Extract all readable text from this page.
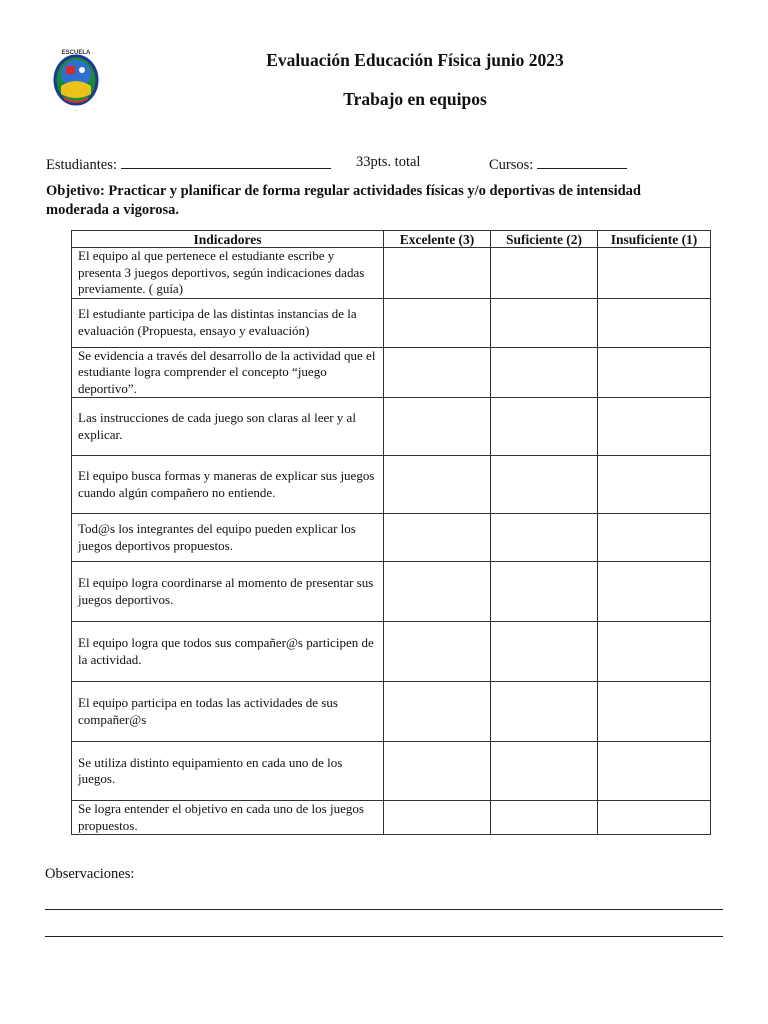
ESCUELA
···
Evaluación Educación Física junio 2023
Trabajo en equipos
Estudiantes:	33pts. total	Cursos:
Objetivo: Practicar y planificar de forma regular actividades físicas y/o deportivas de intensidad moderada a vigorosa.
Indicadores	Excelente (3)	Suficiente (2)	Insuficiente (1)
El equipo al que pertenece el estudiante escribe y presenta 3 juegos deportivos, según indicaciones dadas previamente. ( guía)			
El estudiante participa de las distintas instancias de la evaluación (Propuesta, ensayo y evaluación)			
Se evidencia a través del desarrollo de la actividad que el estudiante logra comprender el concepto “juego deportivo”.			
Las instrucciones de cada juego son claras al leer y al explicar.			
El equipo busca formas y maneras de explicar sus juegos cuando algún compañero no entiende.			
Tod@s los integrantes del equipo pueden explicar los juegos deportivos propuestos.			
El equipo logra coordinarse al momento de presentar sus juegos deportivos.			
El equipo logra que todos sus compañer@s participen de la actividad.			
El equipo participa en todas las actividades de sus compañer@s			
Se utiliza distinto equipamiento en cada uno de los juegos.			
Se logra entender el objetivo en cada uno de los juegos propuestos.			
Observaciones:
